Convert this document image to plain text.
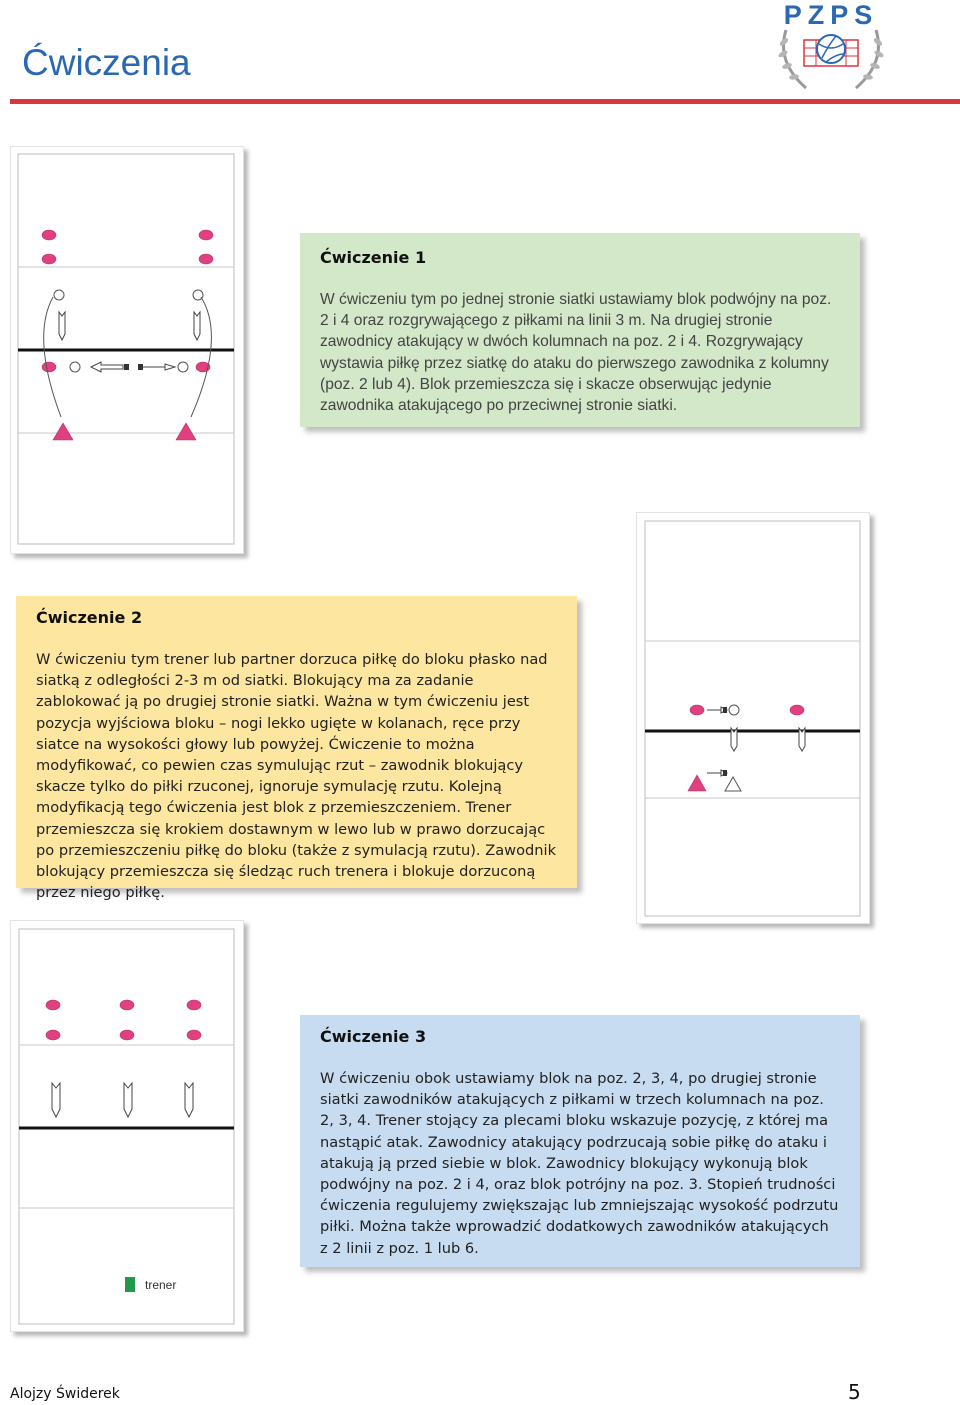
Ćwiczenia
PZPS
Ćwiczenie 1

W ćwiczeniu tym po jednej stronie siatki ustawiamy blok podwójny na poz. 2 i 4 oraz rozgrywającego z piłkami na linii 3 m. Na drugiej stronie zawodnicy atakujący w dwóch kolumnach na poz. 2 i 4. Rozgrywający wystawia piłkę przez siatkę do ataku do pierwszego zawodnika z kolumny (poz. 2 lub 4). Blok przemieszcza się i skacze obserwując jedynie zawodnika atakującego po przeciwnej stronie siatki.

Ćwiczenie 2

W ćwiczeniu tym trener lub partner dorzuca piłkę do bloku płasko nad siatką z odległości 2-3 m od siatki. Blokujący ma za zadanie zablokować ją po drugiej stronie siatki. Ważna w tym ćwiczeniu jest pozycja wyjściowa bloku – nogi lekko ugięte w kolanach, ręce przy siatce na wysokości głowy lub powyżej. Ćwiczenie to można modyfikować, co pewien czas symulując rzut – zawodnik blokujący skacze tylko do piłki rzuconej, ignoruje symulację rzutu. Kolejną modyfikacją tego ćwiczenia jest blok z przemieszczeniem. Trener przemieszcza się krokiem dostawnym w lewo lub w prawo dorzucając po przemieszczeniu piłkę do bloku (także z symulacją rzutu). Zawodnik blokujący przemieszcza się śledząc ruch trenera i blokuje dorzuconą przez niego piłkę.

trener
Ćwiczenie 3

W ćwiczeniu obok ustawiamy blok na poz. 2, 3, 4, po drugiej stronie siatki zawodników atakujących z piłkami w trzech kolumnach na poz. 2, 3, 4. Trener stojący za plecami bloku wskazuje pozycję, z której ma nastąpić atak. Zawodnicy atakujący podrzucają sobie piłkę do ataku i atakują ją przed siebie w blok. Zawodnicy blokujący wykonują blok podwójny na poz. 2 i 4, oraz blok potrójny na poz. 3. Stopień trudności ćwiczenia regulujemy zwiększając lub zmniejszając wysokość podrzutu piłki. Można także wprowadzić dodatkowych zawodników atakujących z 2 linii z poz. 1 lub 6.

Alojzy Świderek	5
